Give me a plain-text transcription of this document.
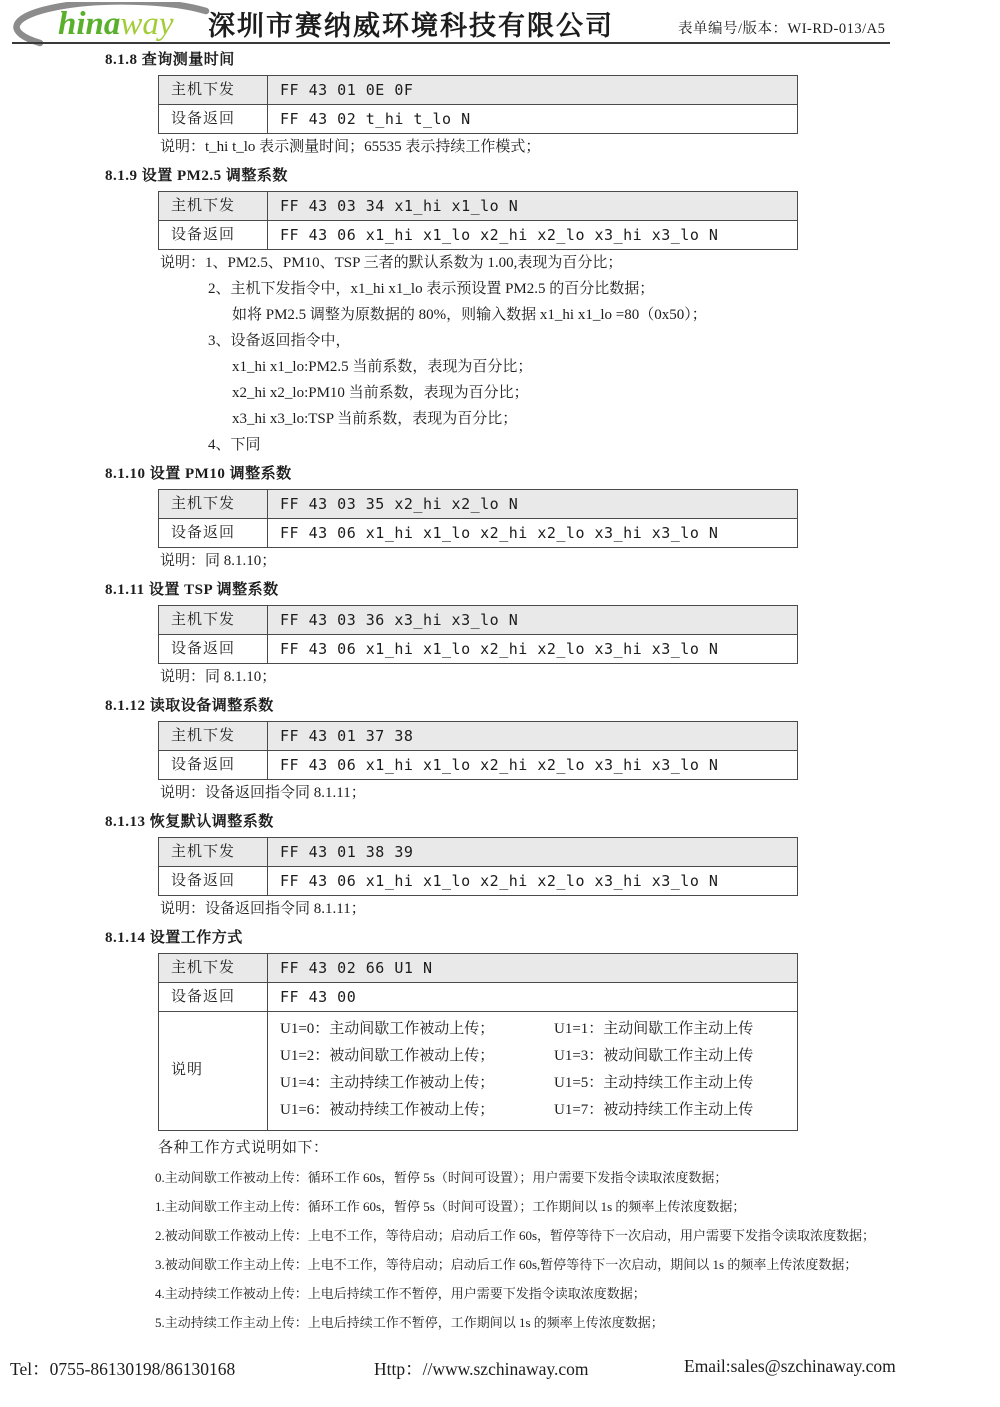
hinaway 深圳市赛纳威环境科技有限公司	表单编号/版本：WI-RD-013/A5
8.1.8 查询测量时间
主机下发	FF 43 01 0E 0F
设备返回	FF 43 02 t_hi t_lo N
说明：t_hi t_lo 表示测量时间；65535 表示持续工作模式；
8.1.9 设置 PM2.5 调整系数
主机下发	FF 43 03 34 x1_hi x1_lo N
设备返回	FF 43 06 x1_hi x1_lo x2_hi x2_lo x3_hi x3_lo N
说明：1、PM2.5、PM10、TSP 三者的默认系数为 1.00,表现为百分比；
2、主机下发指令中，x1_hi x1_lo 表示预设置 PM2.5 的百分比数据；
如将 PM2.5 调整为原数据的 80%，则输入数据 x1_hi x1_lo =80（0x50）；
3、设备返回指令中，
x1_hi x1_lo:PM2.5 当前系数，表现为百分比；
x2_hi x2_lo:PM10 当前系数，表现为百分比；
x3_hi x3_lo:TSP 当前系数，表现为百分比；
4、下同
8.1.10 设置 PM10 调整系数
主机下发	FF 43 03 35 x2_hi x2_lo N
设备返回	FF 43 06 x1_hi x1_lo x2_hi x2_lo x3_hi x3_lo N
说明：同 8.1.10；
8.1.11 设置 TSP 调整系数
主机下发	FF 43 03 36 x3_hi x3_lo N
设备返回	FF 43 06 x1_hi x1_lo x2_hi x2_lo x3_hi x3_lo N
说明：同 8.1.10；
8.1.12 读取设备调整系数
主机下发	FF 43 01 37 38
设备返回	FF 43 06 x1_hi x1_lo x2_hi x2_lo x3_hi x3_lo N
说明：设备返回指令同 8.1.11；
8.1.13 恢复默认调整系数
主机下发	FF 43 01 38 39
设备返回	FF 43 06 x1_hi x1_lo x2_hi x2_lo x3_hi x3_lo N
说明：设备返回指令同 8.1.11；
8.1.14 设置工作方式
主机下发	FF 43 02 66 U1 N
设备返回	FF 43 00
说明	U1=0：主动间歇工作被动上传； U1=1：主动间歇工作主动上传
U1=2：被动间歇工作被动上传； U1=3：被动间歇工作主动上传
U1=4：主动持续工作被动上传； U1=5：主动持续工作主动上传
U1=6：被动持续工作被动上传； U1=7：被动持续工作主动上传
各种工作方式说明如下：
0.主动间歇工作被动上传：循环工作 60s，暂停 5s（时间可设置）；用户需要下发指令读取浓度数据；
1.主动间歇工作主动上传：循环工作 60s，暂停 5s（时间可设置）；工作期间以 1s 的频率上传浓度数据；
2.被动间歇工作被动上传：上电不工作，等待启动；启动后工作 60s，暂停等待下一次启动，用户需要下发指令读取浓度数据；
3.被动间歇工作主动上传：上电不工作，等待启动；启动后工作 60s,暂停等待下一次启动，期间以 1s 的频率上传浓度数据；
4.主动持续工作被动上传：上电后持续工作不暂停，用户需要下发指令读取浓度数据；
5.主动持续工作主动上传：上电后持续工作不暂停，工作期间以 1s 的频率上传浓度数据；
Tel：0755-86130198/86130168	Http：//www.szchinaway.com	Email:sales@szchinaway.com
